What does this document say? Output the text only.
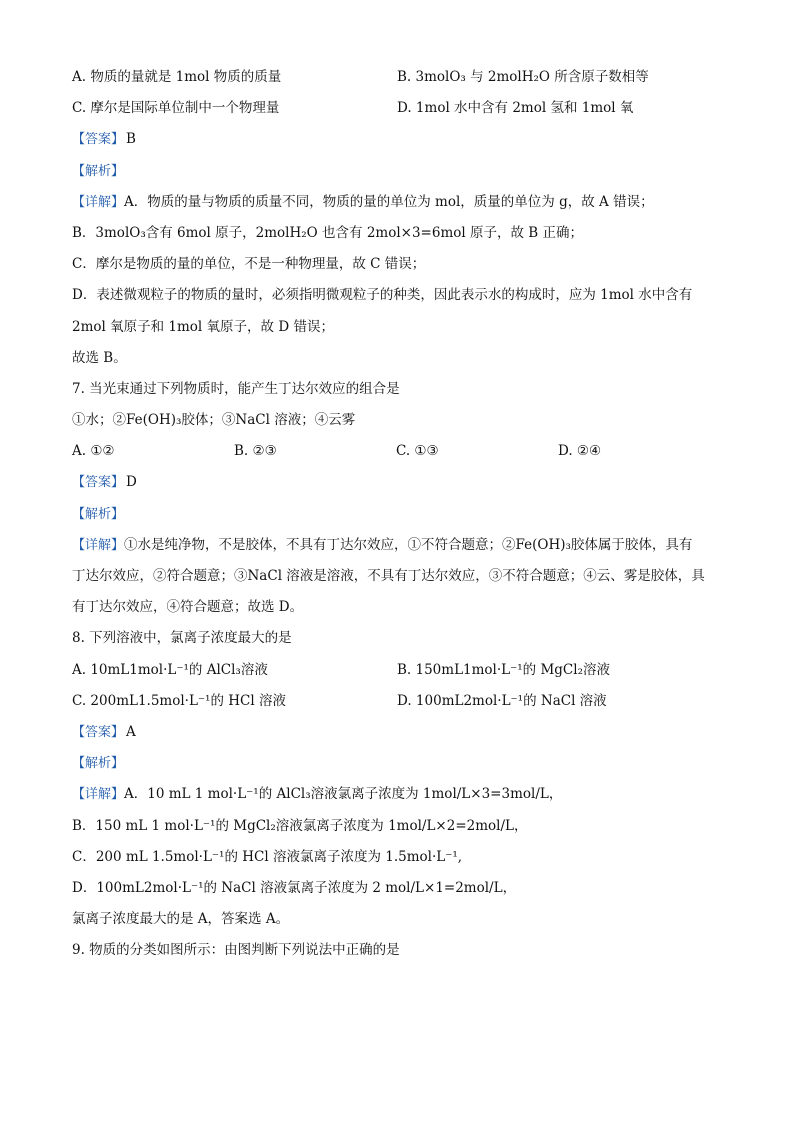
A. 物质的量就是 1mol 物质的质量	B. 3molO₃ 与 2molH₂O 所含原子数相等
C. 摩尔是国际单位制中一个物理量	D. 1mol 水中含有 2mol 氢和 1mol 氧
【答案】 B
【解析】
【详解】A．物质的量与物质的质量不同，物质的量的单位为 mol，质量的单位为 g，故 A 错误；
B．3molO₃含有 6mol 原子，2molH₂O 也含有 2mol×3=6mol 原子，故 B 正确；
C．摩尔是物质的量的单位，不是一种物理量，故 C 错误；
D．表述微观粒子的物质的量时，必须指明微观粒子的种类，因此表示水的构成时，应为 1mol 水中含有
2mol 氧原子和 1mol 氧原子，故 D 错误；
故选 B。
7. 当光束通过下列物质时，能产生丁达尔效应的组合是
①水；②Fe(OH)₃胶体；③NaCl 溶液；④云雾
A. ①②	B. ②③	C. ①③	D. ②④
【答案】 D
【解析】
【详解】①水是纯净物，不是胶体，不具有丁达尔效应，①不符合题意；②Fe(OH)₃胶体属于胶体，具有
丁达尔效应，②符合题意；③NaCl 溶液是溶液，不具有丁达尔效应，③不符合题意；④云、雾是胶体，具
有丁达尔效应，④符合题意；故选 D。
8. 下列溶液中，氯离子浓度最大的是
A. 10mL1mol·L⁻¹的 AlCl₃溶液	B. 150mL1mol·L⁻¹的 MgCl₂溶液
C. 200mL1.5mol·L⁻¹的 HCl 溶液	D. 100mL2mol·L⁻¹的 NaCl 溶液
【答案】 A
【解析】
【详解】A．10 mL 1 mol·L⁻¹的 AlCl₃溶液氯离子浓度为 1mol/L×3=3mol/L，
B．150 mL 1 mol·L⁻¹的 MgCl₂溶液氯离子浓度为 1mol/L×2=2mol/L，
C．200 mL 1.5mol·L⁻¹的 HCl 溶液氯离子浓度为 1.5mol·L⁻¹,
D．100mL2mol·L⁻¹的 NaCl 溶液氯离子浓度为 2 mol/L×1=2mol/L，
氯离子浓度最大的是 A，答案选 A。
9. 物质的分类如图所示：由图判断下列说法中正确的是
